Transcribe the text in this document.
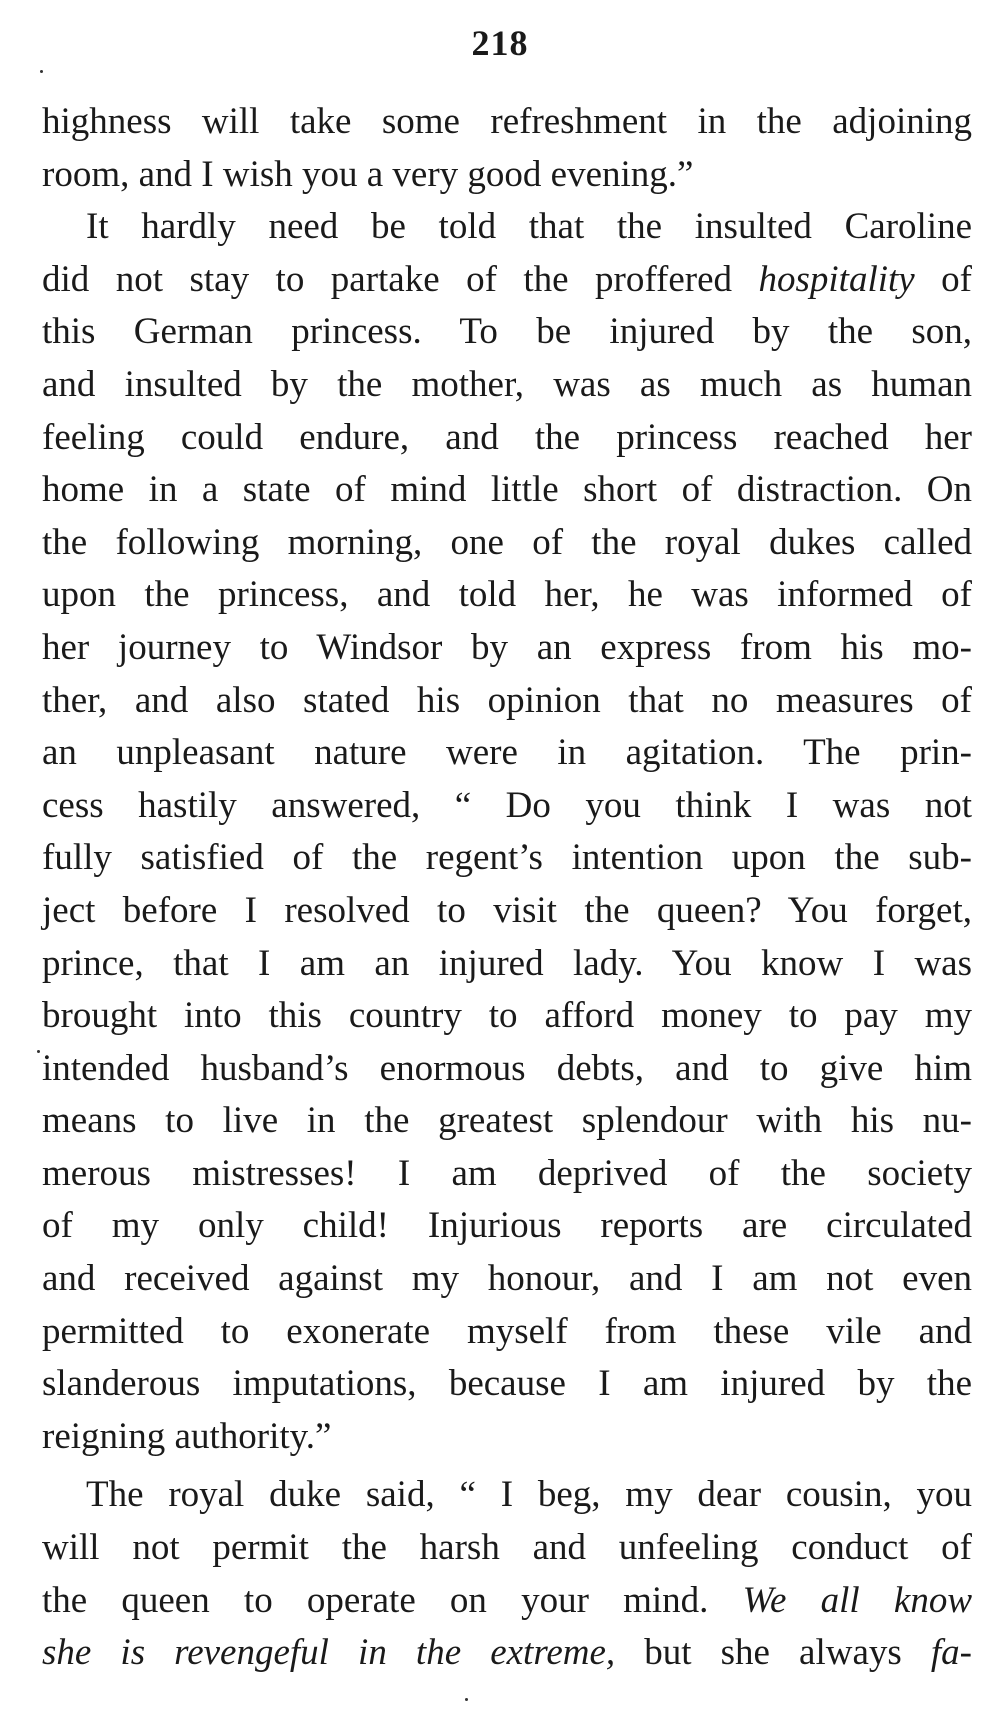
218
highness will take some refreshment in the adjoining
room, and I wish you a very good evening.”
It hardly need be told that the insulted Caroline
did not stay to partake of the proffered hospitality of
this German princess. To be injured by the son,
and insulted by the mother, was as much as human
feeling could endure, and the princess reached her
home in a state of mind little short of distraction. On
the following morning, one of the royal dukes called
upon the princess, and told her, he was informed of
her journey to Windsor by an express from his mo-
ther, and also stated his opinion that no measures of
an unpleasant nature were in agitation. The prin-
cess hastily answered, “ Do you think I was not
fully satisfied of the regent’s intention upon the sub-
ject before I resolved to visit the queen? You forget,
prince, that I am an injured lady. You know I was
brought into this country to afford money to pay my
intended husband’s enormous debts, and to give him
means to live in the greatest splendour with his nu-
merous mistresses! I am deprived of the society
of my only child! Injurious reports are circulated
and received against my honour, and I am not even
permitted to exonerate myself from these vile and
slanderous imputations, because I am injured by the
reigning authority.”
The royal duke said, “ I beg, my dear cousin, you
will not permit the harsh and unfeeling conduct of
the queen to operate on your mind. We all know
she is revengeful in the extreme, but she always fa-
